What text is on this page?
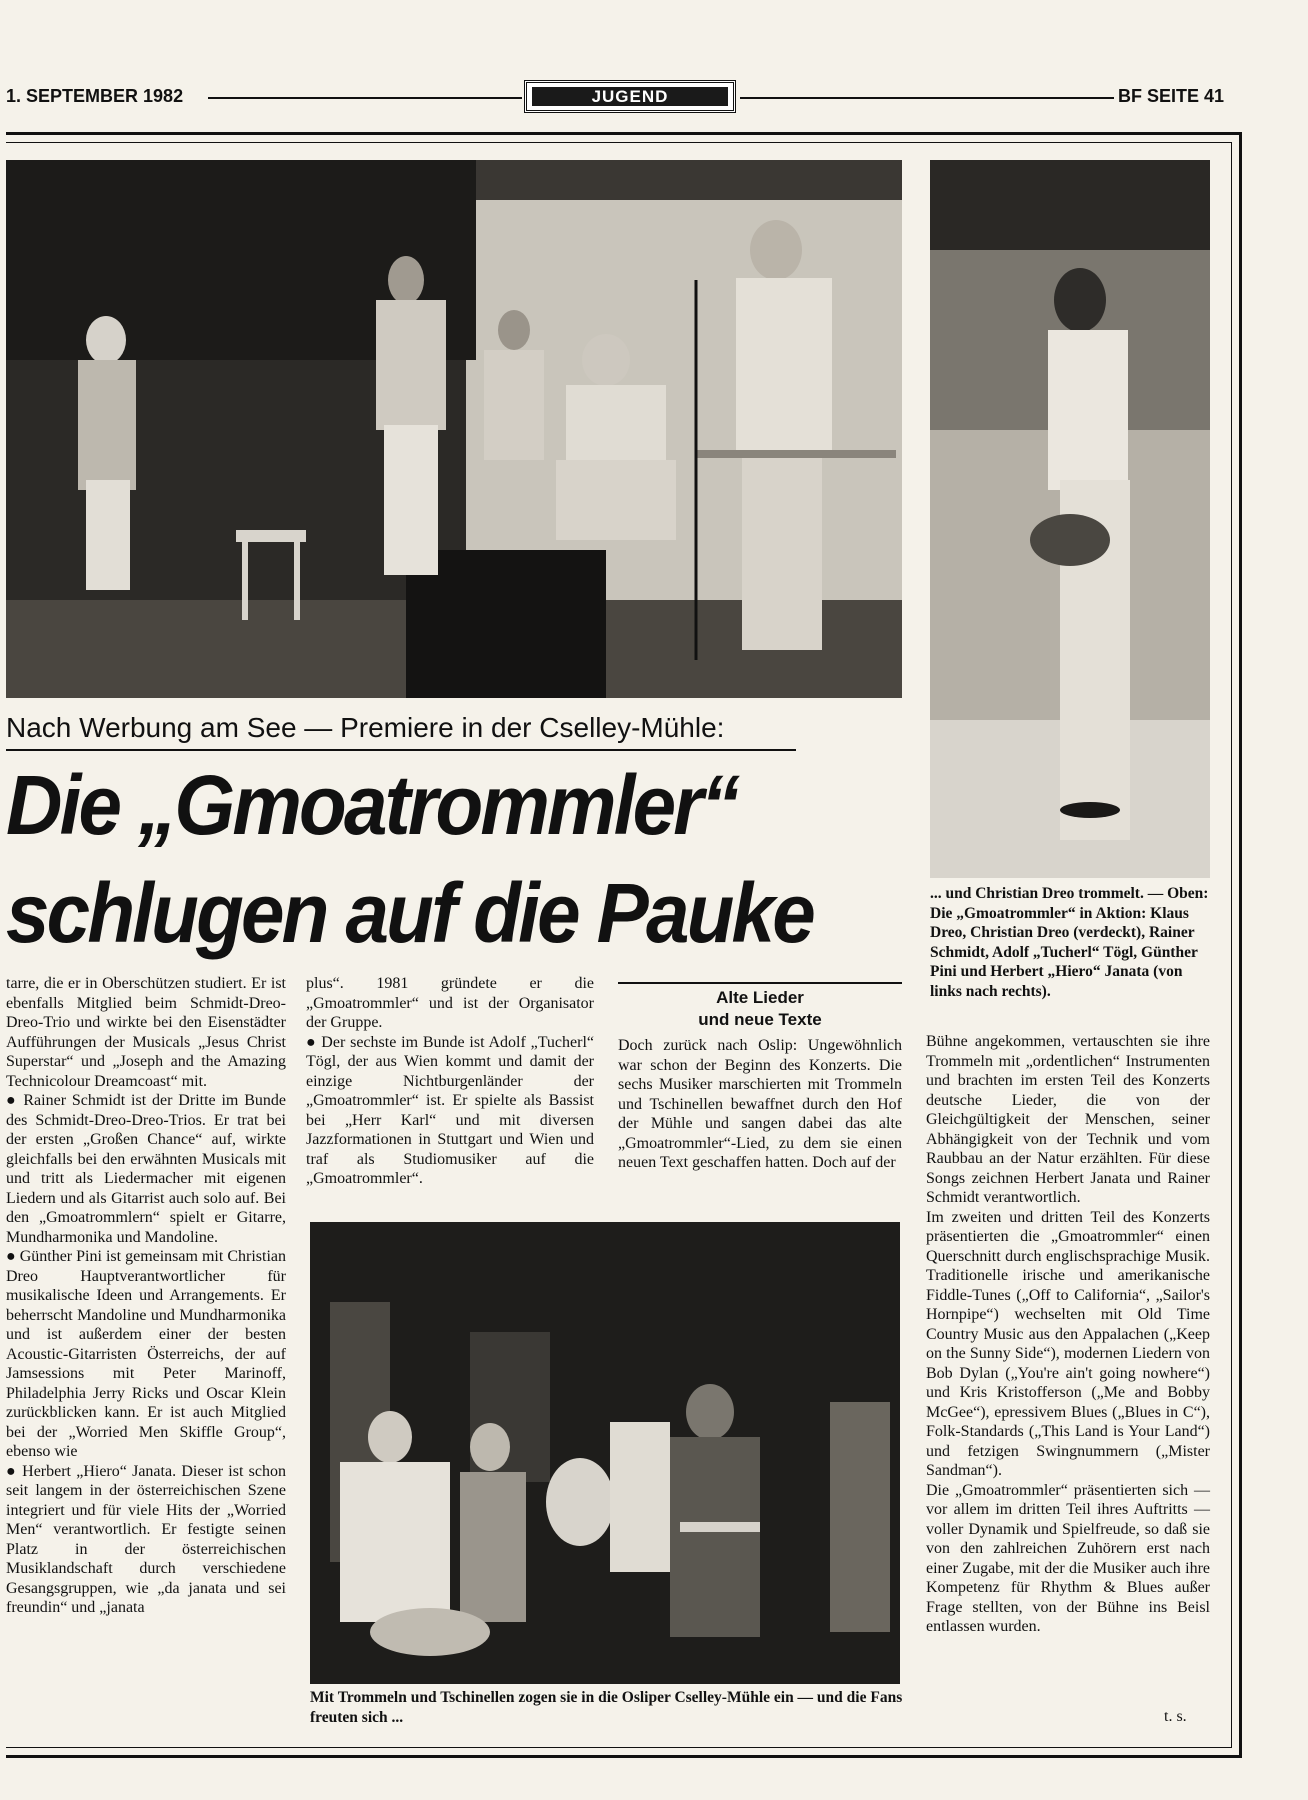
1. SEPTEMBER 1982	JUGEND	BF SEITE 41
Nach Werbung am See — Premiere in der Cselley-Mühle:
Die „Gmoatrommler“
schlugen auf die Pauke	... und Christian Dreo trommelt. — Oben: Die „Gmoatrommler“ in Aktion: Klaus Dreo, Christian Dreo (verdeckt), Rainer Schmidt, Adolf „Tucherl“ Tögl, Günther Pini und Herbert „Hiero“ Janata (von links nach rechts).
tarre, die er in Oberschützen studiert. Er ist ebenfalls Mitglied beim Schmidt-Dreo-Dreo-Trio und wirkte bei den Eisenstädter Aufführungen der Musicals „Jesus Christ Superstar“ und „Joseph and the Amazing Technicolour Dreamcoast“ mit.
● Rainer Schmidt ist der Dritte im Bunde des Schmidt-Dreo-Dreo-Trios. Er trat bei der ersten „Großen Chance“ auf, wirkte gleichfalls bei den erwähnten Musicals mit und tritt als Liedermacher mit eigenen Liedern und als Gitarrist auch solo auf. Bei den „Gmoatrommlern“ spielt er Gitarre, Mundharmonika und Mandoline.
● Günther Pini ist gemeinsam mit Christian Dreo Hauptverantwortlicher für musikalische Ideen und Arrangements. Er beherrscht Mandoline und Mundharmonika und ist außerdem einer der besten Acoustic-Gitarristen Österreichs, der auf Jamsessions mit Peter Marinoff, Philadelphia Jerry Ricks und Oscar Klein zurückblicken kann. Er ist auch Mitglied bei der „Worried Men Skiffle Group“, ebenso wie
● Herbert „Hiero“ Janata. Dieser ist schon seit langem in der österreichischen Szene integriert und für viele Hits der „Worried Men“ verantwortlich. Er festigte seinen Platz in der österreichischen Musiklandschaft durch verschiedene Gesangsgruppen, wie „da janata und sei freundin“ und „janata
plus“. 1981 gründete er die „Gmoatrommler“ und ist der Organisator der Gruppe.
● Der sechste im Bunde ist Adolf „Tucherl“ Tögl, der aus Wien kommt und damit der einzige Nichtburgenländer der „Gmoatrommler“ ist. Er spielte als Bassist bei „Herr Karl“ und mit diversen Jazzformationen in Stuttgart und Wien und traf als Studiomusiker auf die „Gmoatrommler“.
Alte Lieder
und neue Texte
Doch zurück nach Oslip: Ungewöhnlich war schon der Beginn des Konzerts. Die sechs Musiker marschierten mit Trommeln und Tschinellen bewaffnet durch den Hof der Mühle und sangen dabei das alte „Gmoatrommler“-Lied, zu dem sie einen neuen Text geschaffen hatten. Doch auf der
Bühne angekommen, vertauschten sie ihre Trommeln mit „ordentlichen“ Instrumenten und brachten im ersten Teil des Konzerts deutsche Lieder, die von der Gleichgültigkeit der Menschen, seiner Abhängigkeit von der Technik und vom Raubbau an der Natur erzählten. Für diese Songs zeichnen Herbert Janata und Rainer Schmidt verantwortlich.
Im zweiten und dritten Teil des Konzerts präsentierten die „Gmoatrommler“ einen Querschnitt durch englischsprachige Musik. Traditionelle irische und amerikanische Fiddle-Tunes („Off to California“, „Sailor's Hornpipe“) wechselten mit Old Time Country Music aus den Appalachen („Keep on the Sunny Side“), modernen Liedern von Bob Dylan („You're ain't going nowhere“) und Kris Kristofferson („Me and Bobby McGee“), epressivem Blues („Blues in C“), Folk-Standards („This Land is Your Land“) und fetzigen Swingnummern („Mister Sandman“).
Die „Gmoatrommler“ präsentierten sich — vor allem im dritten Teil ihres Auftritts — voller Dynamik und Spielfreude, so daß sie von den zahlreichen Zuhörern erst nach einer Zugabe, mit der die Musiker auch ihre Kompetenz für Rhythm & Blues außer Frage stellten, von der Bühne ins Beisl entlassen wurden.
t. s.
Mit Trommeln und Tschinellen zogen sie in die Osliper Cselley-Mühle ein — und die Fans freuten sich ...
